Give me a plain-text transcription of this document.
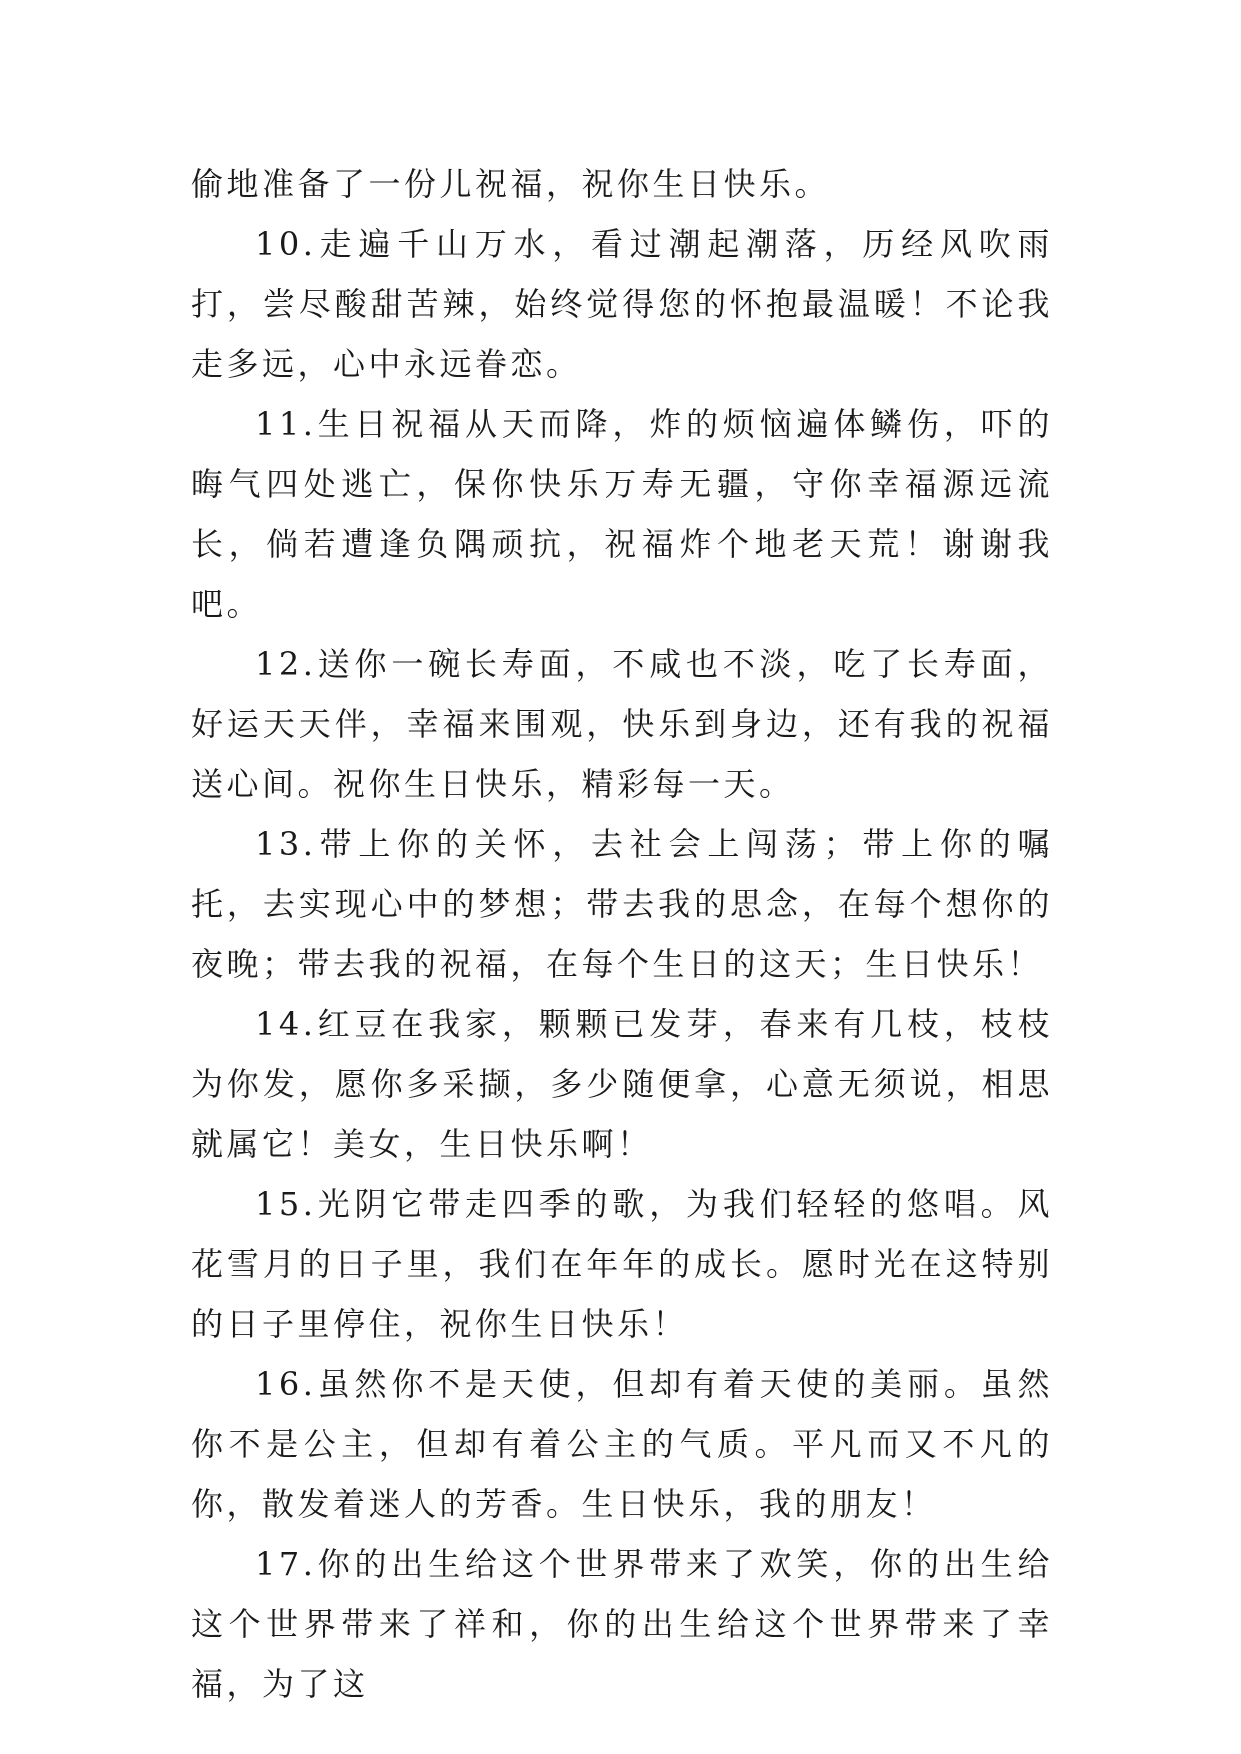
偷地准备了一份儿祝福，祝你生日快乐。

10.走遍千山万水，看过潮起潮落，历经风吹雨打，尝尽酸甜苦辣，始终觉得您的怀抱最温暖！不论我走多远，心中永远眷恋。

11.生日祝福从天而降，炸的烦恼遍体鳞伤，吓的晦气四处逃亡，保你快乐万寿无疆，守你幸福源远流长，倘若遭逢负隅顽抗，祝福炸个地老天荒！谢谢我吧。

12.送你一碗长寿面，不咸也不淡，吃了长寿面，好运天天伴，幸福来围观，快乐到身边，还有我的祝福送心间。祝你生日快乐，精彩每一天。

13.带上你的关怀，去社会上闯荡；带上你的嘱托，去实现心中的梦想；带去我的思念，在每个想你的夜晚；带去我的祝福，在每个生日的这天；生日快乐！

14.红豆在我家，颗颗已发芽，春来有几枝，枝枝为你发，愿你多采撷，多少随便拿，心意无须说，相思就属它！美女，生日快乐啊！

15.光阴它带走四季的歌，为我们轻轻的悠唱。风花雪月的日子里，我们在年年的成长。愿时光在这特别的日子里停住，祝你生日快乐！

16.虽然你不是天使，但却有着天使的美丽。虽然你不是公主，但却有着公主的气质。平凡而又不凡的你，散发着迷人的芳香。生日快乐，我的朋友！

17.你的出生给这个世界带来了欢笑，你的出生给这个世界带来了祥和，你的出生给这个世界带来了幸福，为了这
